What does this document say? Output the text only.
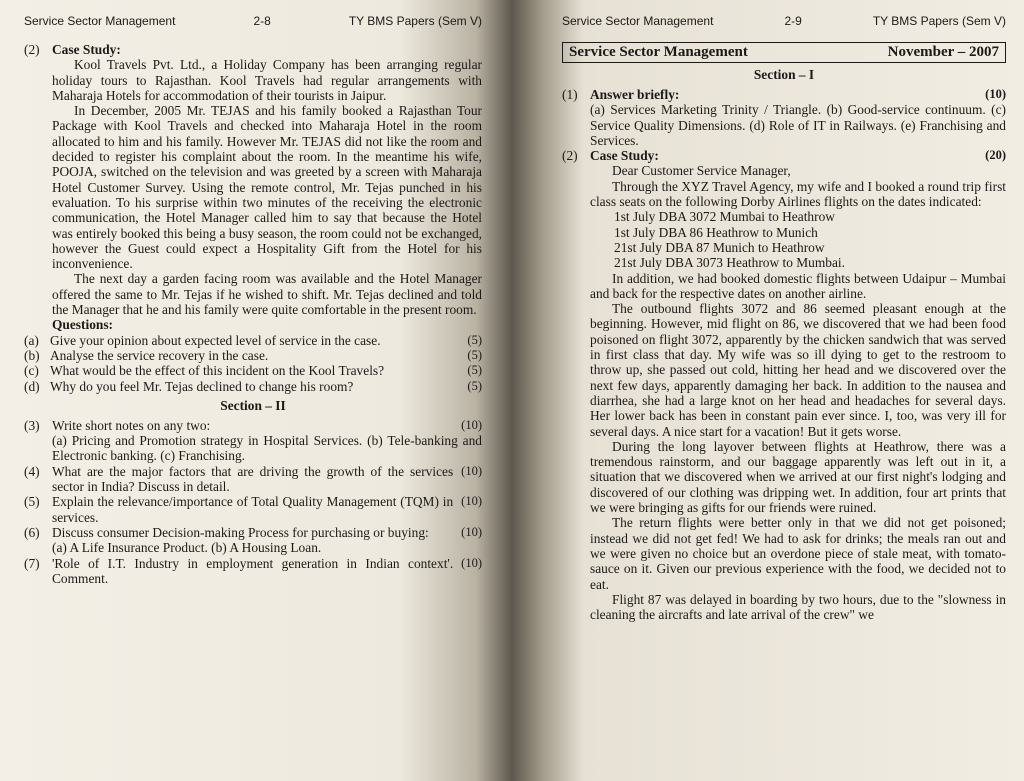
Service Sector Management	2-8	TY BMS Papers (Sem V)
(2) Case Study:

Kool Travels Pvt. Ltd., a Holiday Company has been arranging regular holiday tours to Rajasthan. Kool Travels had regular arrangements with Maharaja Hotels for accommodation of their tourists in Jaipur.

In December, 2005 Mr. TEJAS and his family booked a Rajasthan Tour Package with Kool Travels and checked into Maharaja Hotel in the room allocated to him and his family. However Mr. TEJAS did not like the room and decided to register his complaint about the room. In the meantime his wife, POOJA, switched on the television and was greeted by a screen with Maharaja Hotel Customer Survey. Using the remote control, Mr. Tejas punched in his evaluation. To his surprise within two minutes of the receiving the electronic communication, the Hotel Manager called him to say that because the Hotel was entirely booked this being a busy season, the room could not be exchanged, however the Guest could expect a Hospitality Gift from the Hotel for his inconvenience.

The next day a garden facing room was available and the Hotel Manager offered the same to Mr. Tejas if he wished to shift. Mr. Tejas declined and told the Manager that he and his family were quite comfortable in the present room.

Questions:

(a)	(5)
Give your opinion about expected level of service in the case.
(b)	(5)
Analyse the service recovery in the case.
(c)	(5)
What would be the effect of this incident on the Kool Travels?
(d)	(5)
Why do you feel Mr. Tejas declined to change his room?
Section – II
(3)	(10)
Write short notes on any two:

(a) Pricing and Promotion strategy in Hospital Services. (b) Tele-banking and Electronic banking. (c) Franchising.

(4)	(10)
What are the major factors that are driving the growth of the services sector in India? Discuss in detail.
(5)	(10)
Explain the relevance/importance of Total Quality Management (TQM) in services.
(6)	(10)
Discuss consumer Decision-making Process for purchasing or buying:

(a) A Life Insurance Product. (b) A Housing Loan.

(7)	(10)
'Role of I.T. Industry in employment generation in Indian context'. Comment.
Service Sector Management	2-9	TY BMS Papers (Sem V)
Service Sector Management	November – 2007
Section – I
(1)	(10)
Answer briefly:

(a) Services Marketing Trinity / Triangle. (b) Good-service continuum. (c) Service Quality Dimensions. (d) Role of IT in Railways. (e) Franchising and Services.

(2)	(20)
Case Study:

Dear Customer Service Manager,

Through the XYZ Travel Agency, my wife and I booked a round trip first class seats on the following Dorby Airlines flights on the dates indicated:

1st July DBA 3072 Mumbai to Heathrow
1st July DBA 86 Heathrow to Munich
21st July DBA 87 Munich to Heathrow
21st July DBA 3073 Heathrow to Mumbai.

In addition, we had booked domestic flights between Udaipur – Mumbai and back for the respective dates on another airline.

The outbound flights 3072 and 86 seemed pleasant enough at the beginning. However, mid flight on 86, we discovered that we had been food poisoned on flight 3072, apparently by the chicken sandwich that was served in first class that day. My wife was so ill dying to get to the restroom to throw up, she passed out cold, hitting her head and we discovered over the next few days, apparently damaging her back. In addition to the nausea and diarrhea, she had a large knot on her head and headaches for several days. Her lower back has been in constant pain ever since. I, too, was very ill for several days. A nice start for a vacation! But it gets worse.

During the long layover between flights at Heathrow, there was a tremendous rainstorm, and our baggage apparently was left out in it, a situation that we discovered when we arrived at our first night's lodging and discovered of our clothing was dripping wet. In addition, four art prints that we were bringing as gifts for our friends were ruined.

The return flights were better only in that we did not get poisoned; instead we did not get fed! We had to ask for drinks; the meals ran out and we were given no choice but an overdone piece of stale meat, with tomato-sauce on it. Given our previous experience with the food, we decided not to eat.

Flight 87 was delayed in boarding by two hours, due to the "slowness in cleaning the aircrafts and late arrival of the crew" we
